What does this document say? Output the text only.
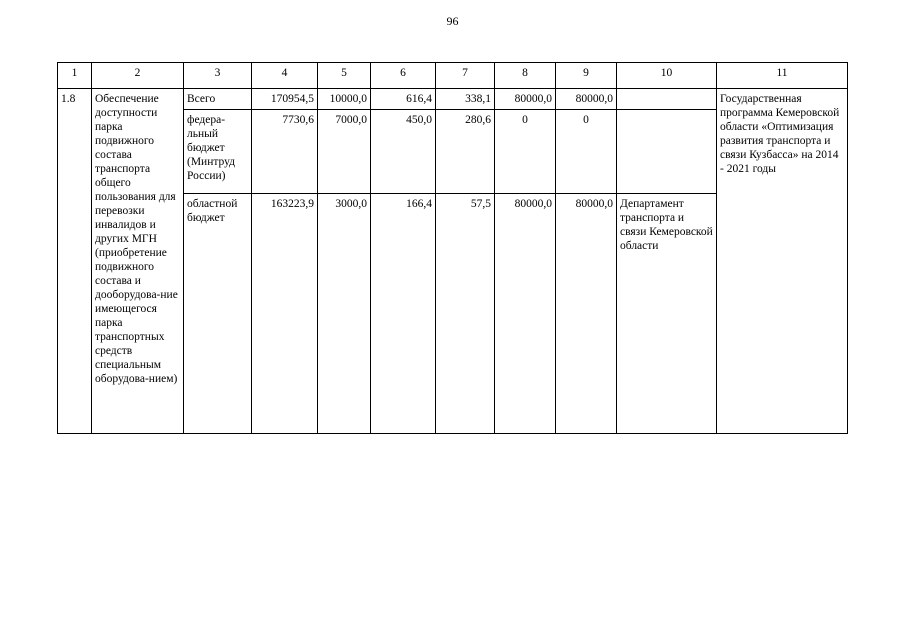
96
1	2	3	4	5	6	7	8	9	10	11
1.8	Обеспечение доступности парка подвижного состава транспорта общего пользования для перевозки инвалидов и других МГН (приобретение подвижного состава и дооборудова-ние имеющегося парка транспортных средств специальным оборудова-нием)	Всего	170954,5	10000,0	616,4	338,1	80000,0	80000,0		Государственная программа Кемеровской области «Оптимизация развития транспорта и связи Кузбасса» на 2014 - 2021 годы
		федера-льный бюджет (Минтруд России)	7730,6	7000,0	450,0	280,6	0	0		
		областной бюджет	163223,9	3000,0	166,4	57,5	80000,0	80000,0	Департамент транспорта и связи Кемеровской области	
